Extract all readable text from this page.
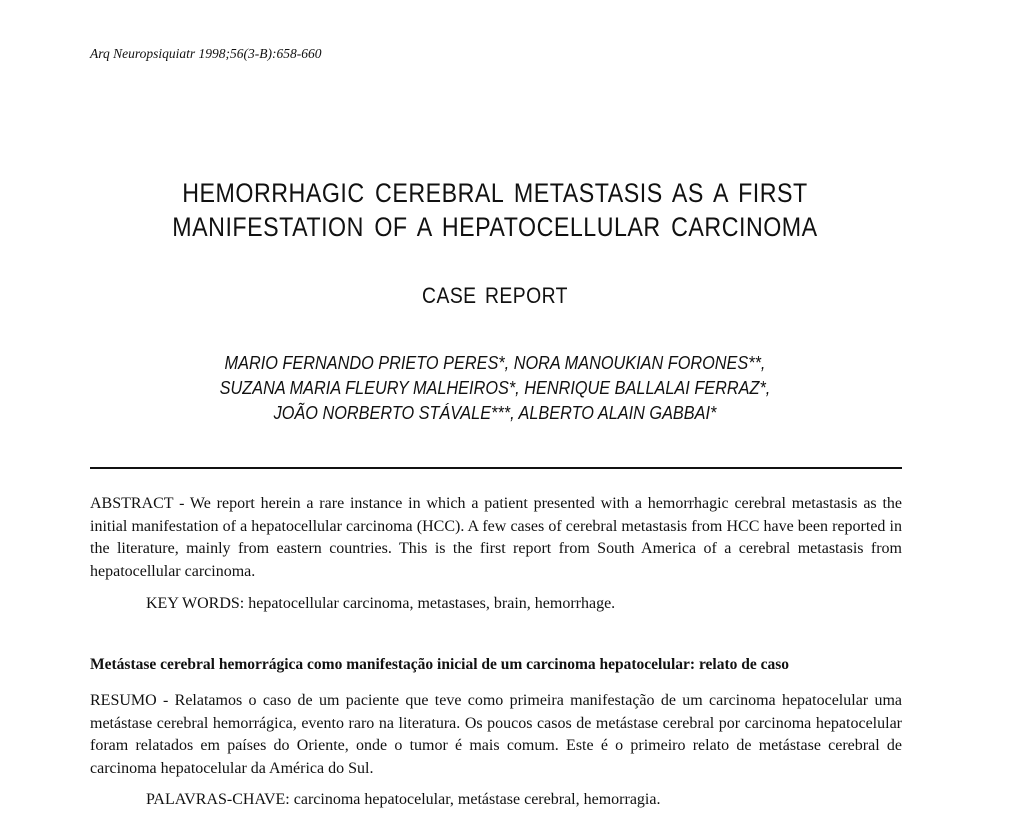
Arq Neuropsiquiatr 1998;56(3-B):658-660
HEMORRHAGIC CEREBRAL METASTASIS AS A FIRST
MANIFESTATION OF A HEPATOCELLULAR CARCINOMA
CASE REPORT
MARIO FERNANDO PRIETO PERES*, NORA MANOUKIAN FORONES**,
SUZANA MARIA FLEURY MALHEIROS*, HENRIQUE BALLALAI FERRAZ*,
JOÃO NORBERTO STÁVALE***, ALBERTO ALAIN GABBAI*
ABSTRACT - We report herein a rare instance in which a patient presented with a hemorrhagic cerebral metastasis as the initial manifestation of a hepatocellular carcinoma (HCC). A few cases of cerebral metastasis from HCC have been reported in the literature, mainly from eastern countries. This is the first report from South America of a cerebral metastasis from hepatocellular carcinoma.
KEY WORDS: hepatocellular carcinoma, metastases, brain, hemorrhage.
Metástase cerebral hemorrágica como manifestação inicial de um carcinoma hepatocelular: relato de caso
RESUMO - Relatamos o caso de um paciente que teve como primeira manifestação de um carcinoma hepatocelular uma metástase cerebral hemorrágica, evento raro na literatura. Os poucos casos de metástase cerebral por carcinoma hepatocelular foram relatados em países do Oriente, onde o tumor é mais comum. Este é o primeiro relato de metástase cerebral de carcinoma hepatocelular da América do Sul.
PALAVRAS-CHAVE: carcinoma hepatocelular, metástase cerebral, hemorragia.
